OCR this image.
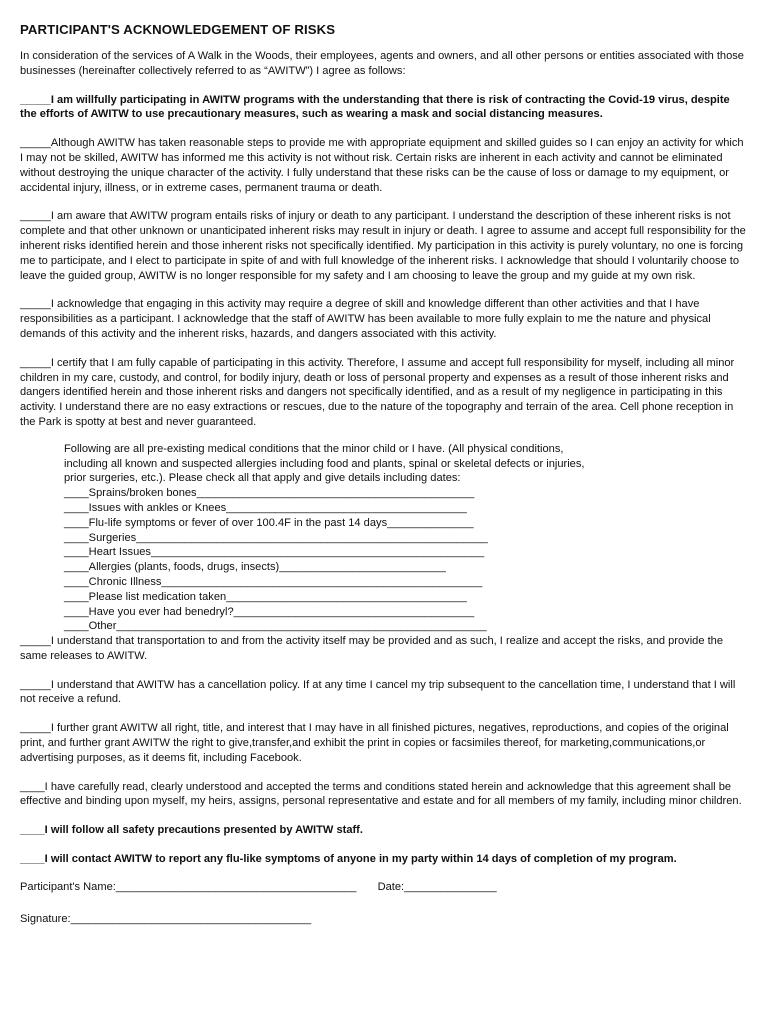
PARTICIPANT'S ACKNOWLEDGEMENT OF RISKS

In consideration of the services of A Walk in the Woods, their employees, agents and owners, and all other persons or entities associated with those businesses (hereinafter collectively referred to as “AWITW”) I agree as follows:

_____I am willfully participating in AWITW programs with the understanding that there is risk of contracting the Covid-19 virus, despite the efforts of AWITW to use precautionary measures, such as wearing a mask and social distancing measures.

_____Although AWITW has taken reasonable steps to provide me with appropriate equipment and skilled guides so I can enjoy an activity for which I may not be skilled, AWITW has informed me this activity is not without risk. Certain risks are inherent in each activity and cannot be eliminated without destroying the unique character of the activity. I fully understand that these risks can be the cause of loss or damage to my equipment, or accidental injury, illness, or in extreme cases, permanent trauma or death.

_____I am aware that AWITW program entails risks of injury or death to any participant. I understand the description of these inherent risks is not complete and that other unknown or unanticipated inherent risks may result in injury or death. I agree to assume and accept full responsibility for the inherent risks identified herein and those inherent risks not specifically identified. My participation in this activity is purely voluntary, no one is forcing me to participate, and I elect to participate in spite of and with full knowledge of the inherent risks. I acknowledge that should I voluntarily choose to leave the guided group, AWITW is no longer responsible for my safety and I am choosing to leave the group and my guide at my own risk.

_____I acknowledge that engaging in this activity may require a degree of skill and knowledge different than other activities and that I have responsibilities as a participant. I acknowledge that the staff of AWITW has been available to more fully explain to me the nature and physical demands of this activity and the inherent risks, hazards, and dangers associated with this activity.

_____I certify that I am fully capable of participating in this activity. Therefore, I assume and accept full responsibility for myself, including all minor children in my care, custody, and control, for bodily injury, death or loss of personal property and expenses as a result of those inherent risks and dangers identified herein and those inherent risks and dangers not specifically identified, and as a result of my negligence in participating in this activity. I understand there are no easy extractions or rescues, due to the nature of the topography and terrain of the area. Cell phone reception in the Park is spotty at best and never guaranteed.

Following are all pre-existing medical conditions that the minor child or I have. (All physical conditions,
including all known and suspected allergies including food and plants, spinal or skeletal defects or injuries,
prior surgeries, etc.). Please check all that apply and give details including dates:
____Sprains/broken bones_____________________________________________
____Issues with ankles or Knees_______________________________________
____Flu-life symptoms or fever of over 100.4F in the past 14 days______________
____Surgeries_________________________________________________________
____Heart Issues______________________________________________________
____Allergies (plants, foods, drugs, insects)___________________________
____Chronic Illness____________________________________________________
____Please list medication taken_______________________________________
____Have you ever had benedryl?_______________________________________
____Other____________________________________________________________

_____I understand that transportation to and from the activity itself may be provided and as such, I realize and accept the risks, and provide the same releases to AWITW.

_____I understand that AWITW has a cancellation policy. If at any time I cancel my trip subsequent to the cancellation time, I understand that I will not receive a refund.

_____I further grant AWITW all right, title, and interest that I may have in all finished pictures, negatives, reproductions, and copies of the original print, and further grant AWITW the right to give,transfer,and exhibit the print in copies or facsimiles thereof, for marketing,communications,or advertising purposes, as it deems fit, including Facebook.

____I have carefully read, clearly understood and accepted the terms and conditions stated herein and acknowledge that this agreement shall be effective and binding upon myself, my heirs, assigns, personal representative and estate and for all members of my family, including minor children.

____I will follow all safety precautions presented by AWITW staff.

____I will contact AWITW to report any flu-like symptoms of anyone in my party within 14 days of completion of my program.

Participant's Name:_______________________________________ Date:_______________
Signature:_______________________________________
